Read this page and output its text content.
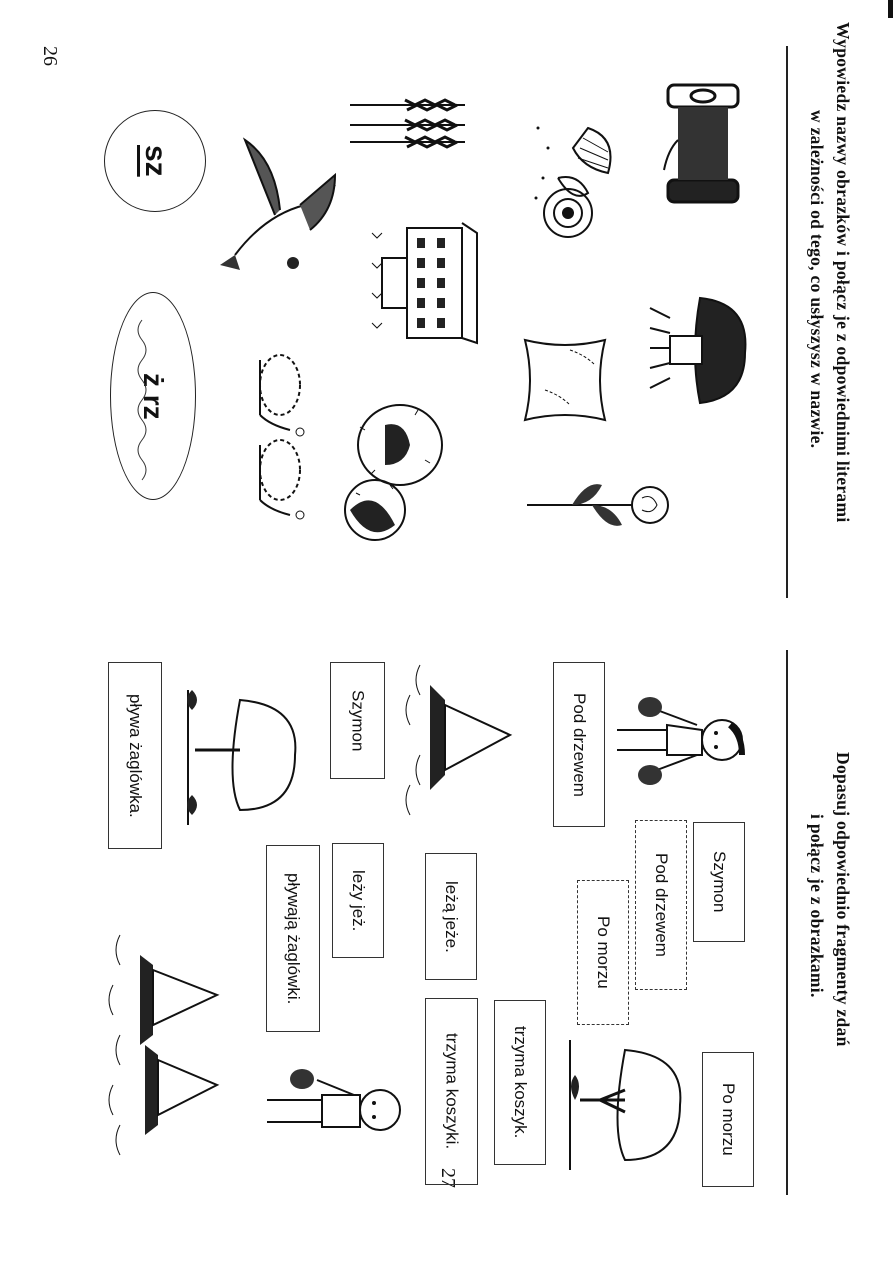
26	Wypowiedz nazwy obrazków i połącz je z odpowiednimi literami
w zależności od tego, co usłyszysz w nazwie.
sz
ż rz
27
Dopasuj odpowiednio fragmenty zdań
i połącz je z obrazkami.
Szymon
Pod drzewem
Po morzu
Po morzu
trzyma koszyk.
trzyma koszyki.
leżą jeże.
Pod drzewem
leży jeż.
Szymon
pływają żaglówki.
pływa żaglówka.
